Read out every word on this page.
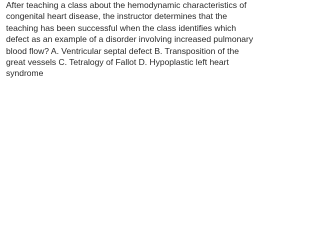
After teaching a class about the hemodynamic characteristics of congenital heart disease, the instructor determines that the teaching has been successful when the class identifies which defect as an example of a disorder involving increased pulmonary blood flow? A. Ventricular septal defect B. Transposition of the great vessels C. Tetralogy of Fallot D. Hypoplastic left heart syndrome
